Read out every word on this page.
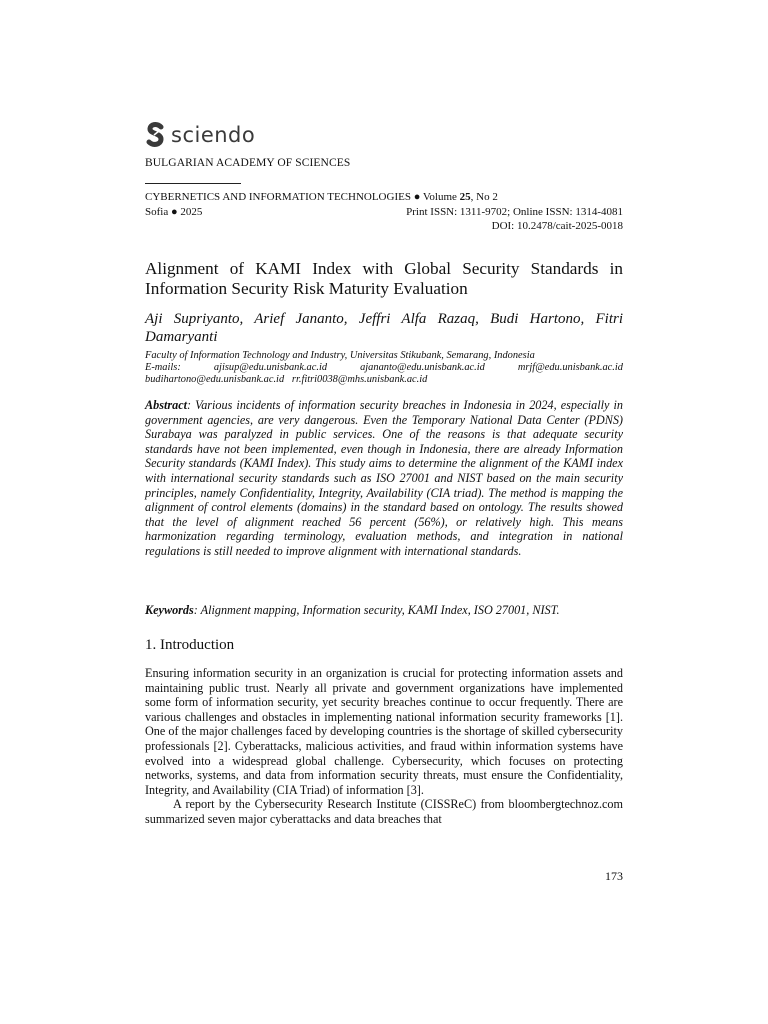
sciendo
BULGARIAN ACADEMY OF SCIENCES
CYBERNETICS AND INFORMATION TECHNOLOGIES ● Volume 25, No 2
Sofia ● 2025	Print ISSN: 1311-9702; Online ISSN: 1314-4081
DOI: 10.2478/cait-2025-0018
Alignment of KAMI Index with Global Security Standards in Information Security Risk Maturity Evaluation
Aji Supriyanto, Arief Jananto, Jeffri Alfa Razaq, Budi Hartono, Fitri Damaryanti
Faculty of Information Technology and Industry, Universitas Stikubank, Semarang, Indonesia
E-mails:	ajisup@edu.unisbank.ac.id	ajananto@edu.unisbank.ac.id	mrjf@edu.unisbank.ac.id
budihartono@edu.unisbank.ac.id   rr.fitri0038@mhs.unisbank.ac.id
Abstract: Various incidents of information security breaches in Indonesia in 2024, especially in government agencies, are very dangerous. Even the Temporary National Data Center (PDNS) Surabaya was paralyzed in public services. One of the reasons is that adequate security standards have not been implemented, even though in Indonesia, there are already Information Security standards (KAMI Index). This study aims to determine the alignment of the KAMI index with international security standards such as ISO 27001 and NIST based on the main security principles, namely Confidentiality, Integrity, Availability (CIA triad). The method is mapping the alignment of control elements (domains) in the standard based on ontology. The results showed that the level of alignment reached 56 percent (56%), or relatively high. This means harmonization regarding terminology, evaluation methods, and integration in national regulations is still needed to improve alignment with international standards.
Keywords: Alignment mapping, Information security, KAMI Index, ISO 27001, NIST.
1. Introduction

Ensuring information security in an organization is crucial for protecting information assets and maintaining public trust. Nearly all private and government organizations have implemented some form of information security, yet security breaches continue to occur frequently. There are various challenges and obstacles in implementing national information security frameworks [1]. One of the major challenges faced by developing countries is the shortage of skilled cybersecurity professionals [2]. Cyberattacks, malicious activities, and fraud within information systems have evolved into a widespread global challenge. Cybersecurity, which focuses on protecting networks, systems, and data from information security threats, must ensure the Confidentiality, Integrity, and Availability (CIA Triad) of information [3].

A report by the Cybersecurity Research Institute (CISSReC) from bloombergtechnoz.com summarized seven major cyberattacks and data breaches that

173
